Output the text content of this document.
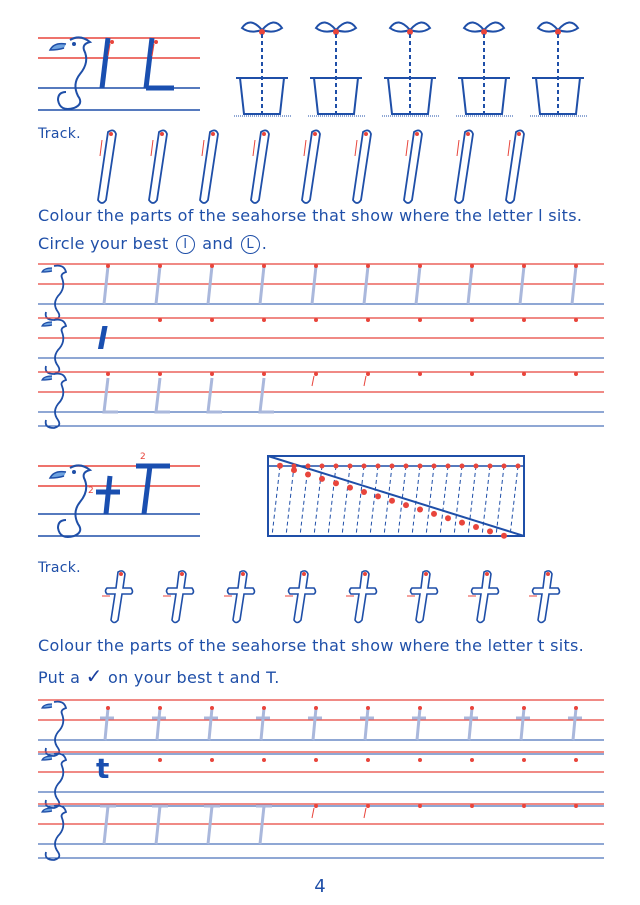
Track.
Colour the parts of the seahorse that show where the letter l sits.
Circle your best l and L .
l
2
2
Track.
Colour the parts of the seahorse that show where the letter t sits.
Put a ✓ on your best t and T.
t
4
